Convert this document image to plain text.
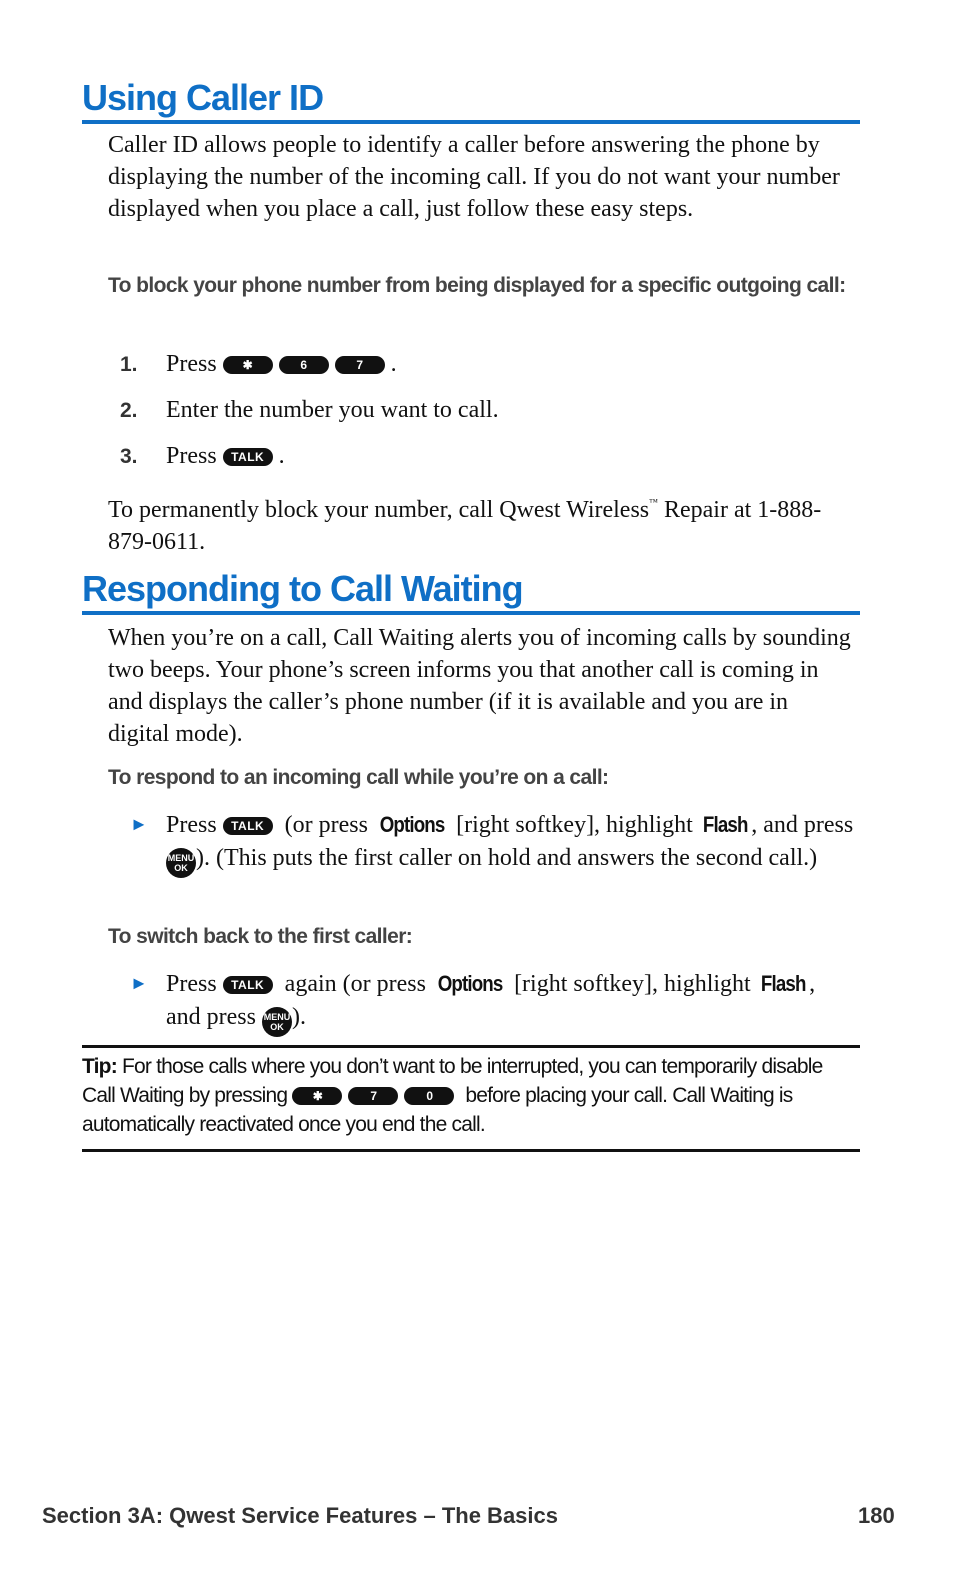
Using Caller ID

Caller ID allows people to identify a caller before answering the phone by displaying the number of the incoming call. If you do not want your number displayed when you place a call, just follow these easy steps.

To block your phone number from being displayed for a specific outgoing call:

1. Press ✱	6	7 .
2. Enter the number you want to call.
3. Press TALK .

To permanently block your number, call Qwest Wireless™ Repair at 1-888-879-0611.

Responding to Call Waiting

When you’re on a call, Call Waiting alerts you of incoming calls by sounding two beeps. Your phone’s screen informs you that another call is coming in and displays the caller’s phone number (if it is available and you are in digital mode).

To respond to an incoming call while you’re on a call:

► Press TALK (or press Options [right softkey], highlight Flash , and press MENU
OK ). (This puts the first caller on hold and answers the second call.)

To switch back to the first caller:

► Press TALK again (or press Options [right softkey], highlight Flash , and press MENU
OK ).
Tip: For those calls where you don’t want to be interrupted, you can temporarily disable Call Waiting by pressing ✱	7	0 before placing your call. Call Waiting is automatically reactivated once you end the call.
Section 3A: Qwest Service Features – The Basics	180
